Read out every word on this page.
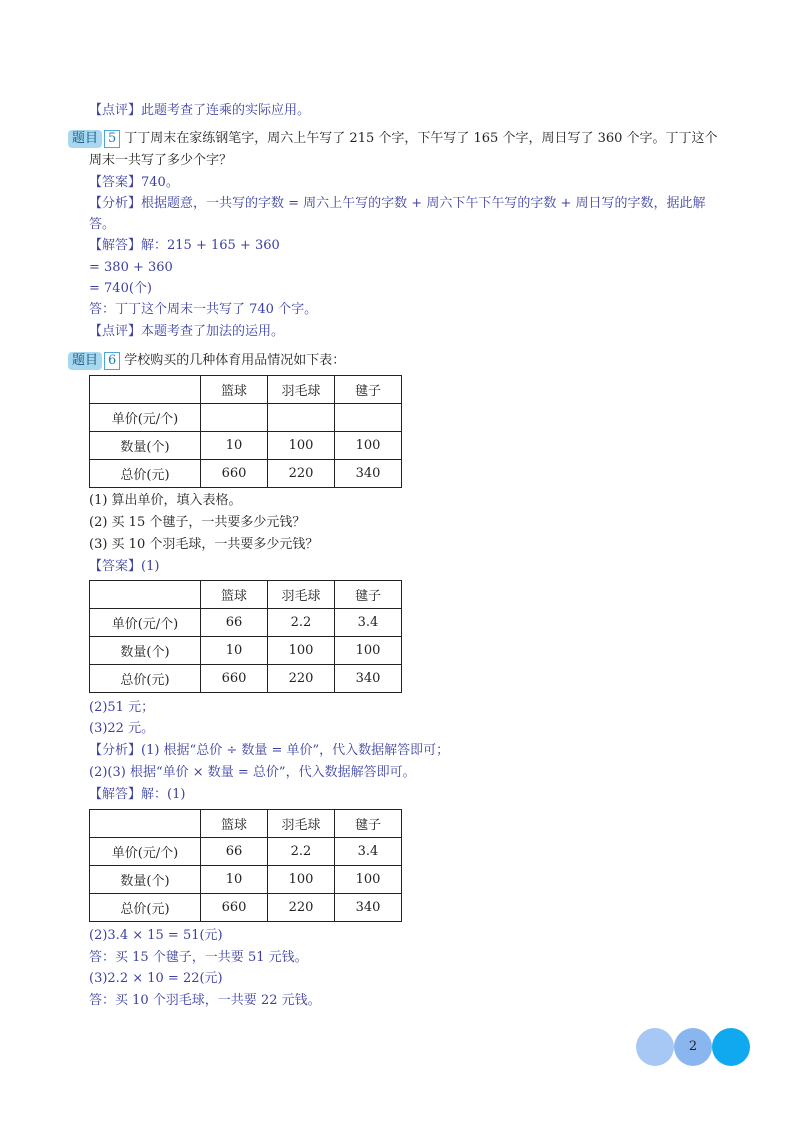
【点评】此题考查了连乘的实际应用。
题目 5 丁丁周末在家练钢笔字，周六上午写了 215 个字，下午写了 165 个字，周日写了 360 个字。丁丁这个
周末一共写了多少个字？
【答案】740。
【分析】根据题意，一共写的字数 = 周六上午写的字数 + 周六下午下午写的字数 + 周日写的字数，据此解
答。
【解答】解：215 + 165 + 360
= 380 + 360
= 740(个)
答：丁丁这个周末一共写了 740 个字。
【点评】本题考查了加法的运用。
题目 6 学校购买的几种体育用品情况如下表：
	篮球	羽毛球	毽子
单价(元/个)			
数量(个)	10	100	100
总价(元)	660	220	340
(1) 算出单价，填入表格。
(2) 买 15 个毽子，一共要多少元钱？
(3) 买 10 个羽毛球，一共要多少元钱？
【答案】(1)
	篮球	羽毛球	毽子
单价(元/个)	66	2.2	3.4
数量(个)	10	100	100
总价(元)	660	220	340
(2)51 元；
(3)22 元。
【分析】(1) 根据“总价 ÷ 数量 = 单价”，代入数据解答即可；
(2)(3) 根据“单价 × 数量 = 总价”，代入数据解答即可。
【解答】解：(1)
	篮球	羽毛球	毽子
单价(元/个)	66	2.2	3.4
数量(个)	10	100	100
总价(元)	660	220	340
(2)3.4 × 15 = 51(元)
答：买 15 个毽子，一共要 51 元钱。
(3)2.2 × 10 = 22(元)
答：买 10 个羽毛球，一共要 22 元钱。
2
